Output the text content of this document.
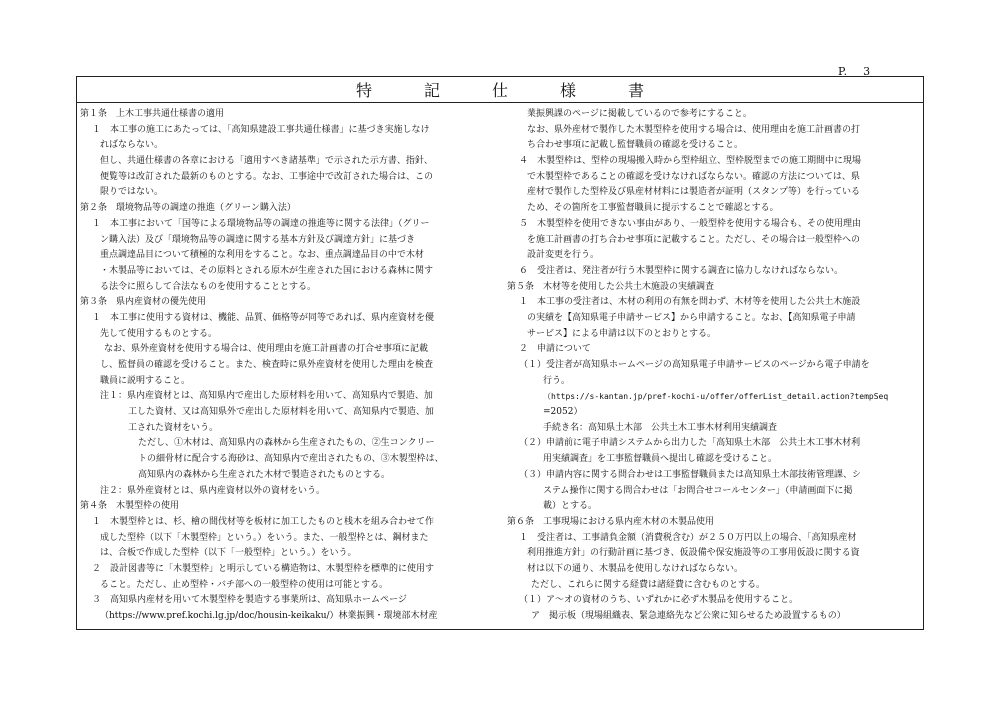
P.　 3
特　記　仕　様　書
第１条　上木工事共通仕様書の適用
１　本工事の施工にあたっては、「高知県建設工事共通仕様書」に基づき実施しなけ
ればならない。
但し、共通仕様書の各章における「適用すべき諸基準」で示された示方書、指針、
便覧等は改訂された最新のものとする。なお、工事途中で改訂された場合は、この
限りではない。
第２条　環境物品等の調達の推進（グリーン購入法）
１　本工事において「国等による環境物品等の調達の推進等に関する法律」（グリー
ン購入法）及び「環境物品等の調達に関する基本方針及び調達方針」に基づき
重点調達品目について積極的な利用をすること。なお、重点調達品目の中で木材
・木製品等においては、その原料とされる原木が生産された国における森林に関す
る法令に照らして合法なものを使用することとする。
第３条　県内産資材の優先使用
１　本工事に使用する資材は、機能、品質、価格等が同等であれば、県内産資材を優
先して使用するものとする。
なお、県外産資材を使用する場合は、使用理由を施工計画書の打合せ事項に記載
し、監督員の確認を受けること。また、検査時に県外産資材を使用した理由を検査
職員に説明すること。
注１：県内産資材とは、高知県内で産出した原材料を用いて、高知県内で製造、加
工した資材、又は高知県外で産出した原材料を用いて、高知県内で製造、加
工された資材をいう。
ただし、①木材は、高知県内の森林から生産されたもの、②生コンクリー
トの細骨材に配合する海砂は、高知県内で産出されたもの、③木製型枠は、
高知県内の森林から生産された木材で製造されたものとする。
注２：県外産資材とは、県内産資材以外の資材をいう。
第４条　木製型枠の使用
１　木製型枠とは、杉、檜の間伐材等を板材に加工したものと桟木を組み合わせて作
成した型枠（以下「木製型枠」という。）をいう。また、一般型枠とは、鋼材また
は、合板で作成した型枠（以下「一般型枠」という。）をいう。
２　設計図書等に「木製型枠」と明示している構造物は、木製型枠を標準的に使用す
ること。ただし、止め型枠・バチ部への一般型枠の使用は可能とする。
３　高知県内産材を用いて木製型枠を製造する事業所は、高知県ホームページ
（https://www.pref.kochi.lg.jp/doc/housin-keikaku/）林業振興・環境部木材産
業振興課のページに掲載しているので参考にすること。
なお、県外産材で製作した木製型枠を使用する場合は、使用理由を施工計画書の打
ち合わせ事項に記載し監督職員の確認を受けること。
４　木製型枠は、型枠の現場搬入時から型枠組立、型枠脱型までの施工期間中に現場
で木製型枠であることの確認を受けなければならない。確認の方法については、県
産材で製作した型枠及び県産材材料には製造者が証明（スタンプ等）を行っている
ため、その箇所を工事監督職員に提示することで確認とする。
５　木製型枠を使用できない事由があり、一般型枠を使用する場合も、その使用理由
を施工計画書の打ち合わせ事項に記載すること。ただし、その場合は一般型枠への
設計変更を行う。
６　受注者は、発注者が行う木製型枠に関する調査に協力しなければならない。
第５条　木材等を使用した公共土木施設の実績調査
１　本工事の受注者は、木材の利用の有無を問わず、木材等を使用した公共土木施設
の実績を【高知県電子申請サービス】から申請すること。なお、【高知県電子申請
サービス】による申請は以下のとおりとする。
２　申請について
（１）受注者が高知県ホームページの高知県電子申請サービスのページから電子申請を
行う。
（https://s-kantan.jp/pref-kochi-u/offer/offerList_detail.action?tempSeq
=2052）
手続き名：高知県土木部　公共土木工事木材利用実績調査
（２）申請前に電子申請システムから出力した「高知県土木部　公共土木工事木材利
用実績調査」を工事監督職員へ提出し確認を受けること。
（３）申請内容に関する問合わせは工事監督職員または高知県土木部技術管理課、シ
ステム操作に関する問合わせは「お問合せコールセンター」（申請画面下に掲
載）とする。
第６条　工事現場における県内産木材の木製品使用
１　受注者は、工事請負金額（消費税含む）が２５０万円以上の場合、「高知県産材
利用推進方針」の行動計画に基づき、仮設備や保安施設等の工事用仮設に関する資
材は以下の通り、木製品を使用しなければならない。
ただし、これらに関する経費は諸経費に含むものとする。
（１）ア～オの資材のうち、いずれかに必ず木製品を使用すること。
ア　掲示板（現場組織表、緊急連絡先など公衆に知らせるため設置するもの）
